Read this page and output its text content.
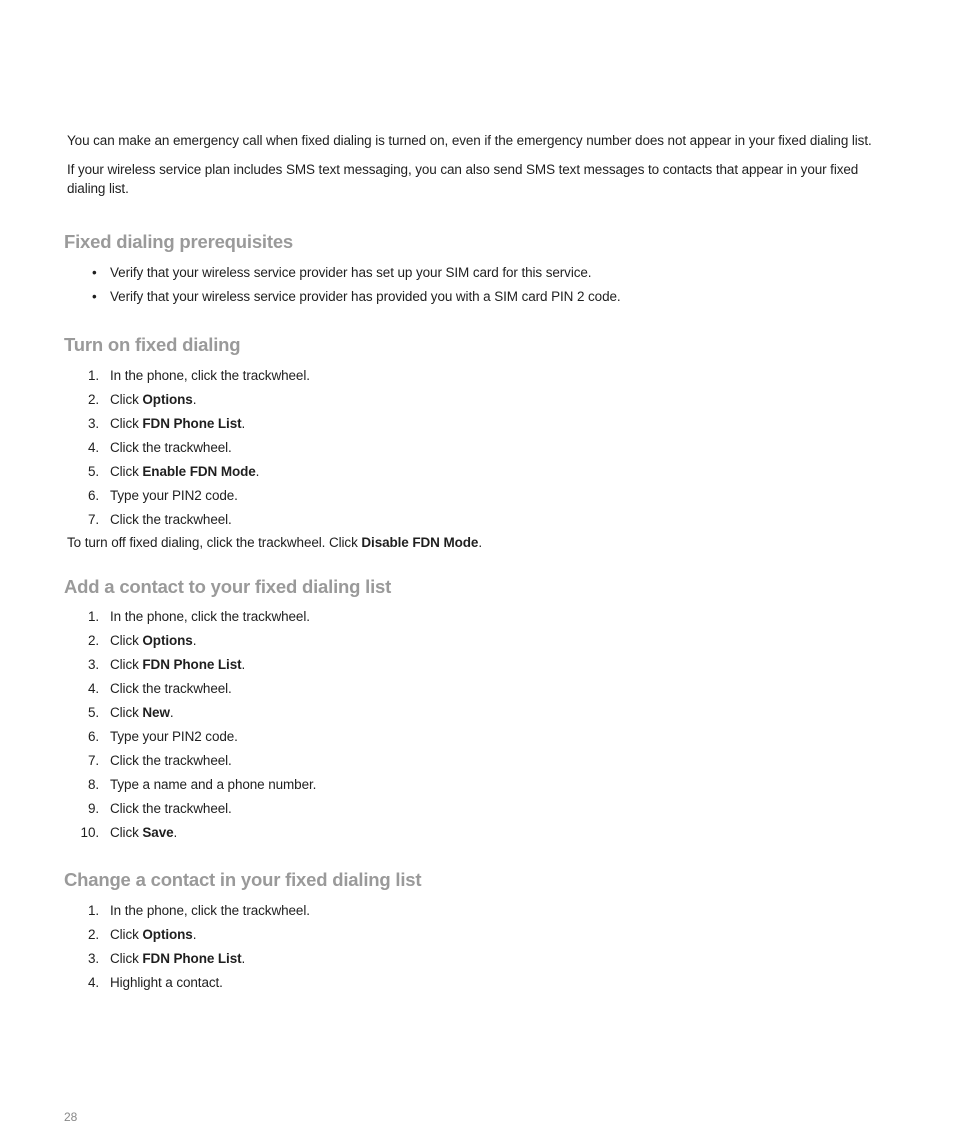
You can make an emergency call when fixed dialing is turned on, even if the emergency number does not appear in your fixed dialing list.

If your wireless service plan includes SMS text messaging, you can also send SMS text messages to contacts that appear in your fixed dialing list.

Fixed dialing prerequisites
• Verify that your wireless service provider has set up your SIM card for this service.
• Verify that your wireless service provider has provided you with a SIM card PIN 2 code.
Turn on fixed dialing
1. In the phone, click the trackwheel.
2. Click Options.
3. Click FDN Phone List.
4. Click the trackwheel.
5. Click Enable FDN Mode.
6. Type your PIN2 code.
7. Click the trackwheel.

To turn off fixed dialing, click the trackwheel. Click Disable FDN Mode.

Add a contact to your fixed dialing list
1. In the phone, click the trackwheel.
2. Click Options.
3. Click FDN Phone List.
4. Click the trackwheel.
5. Click New.
6. Type your PIN2 code.
7. Click the trackwheel.
8. Type a name and a phone number.
9. Click the trackwheel.
10. Click Save.
Change a contact in your fixed dialing list
1. In the phone, click the trackwheel.
2. Click Options.
3. Click FDN Phone List.
4. Highlight a contact.
28
